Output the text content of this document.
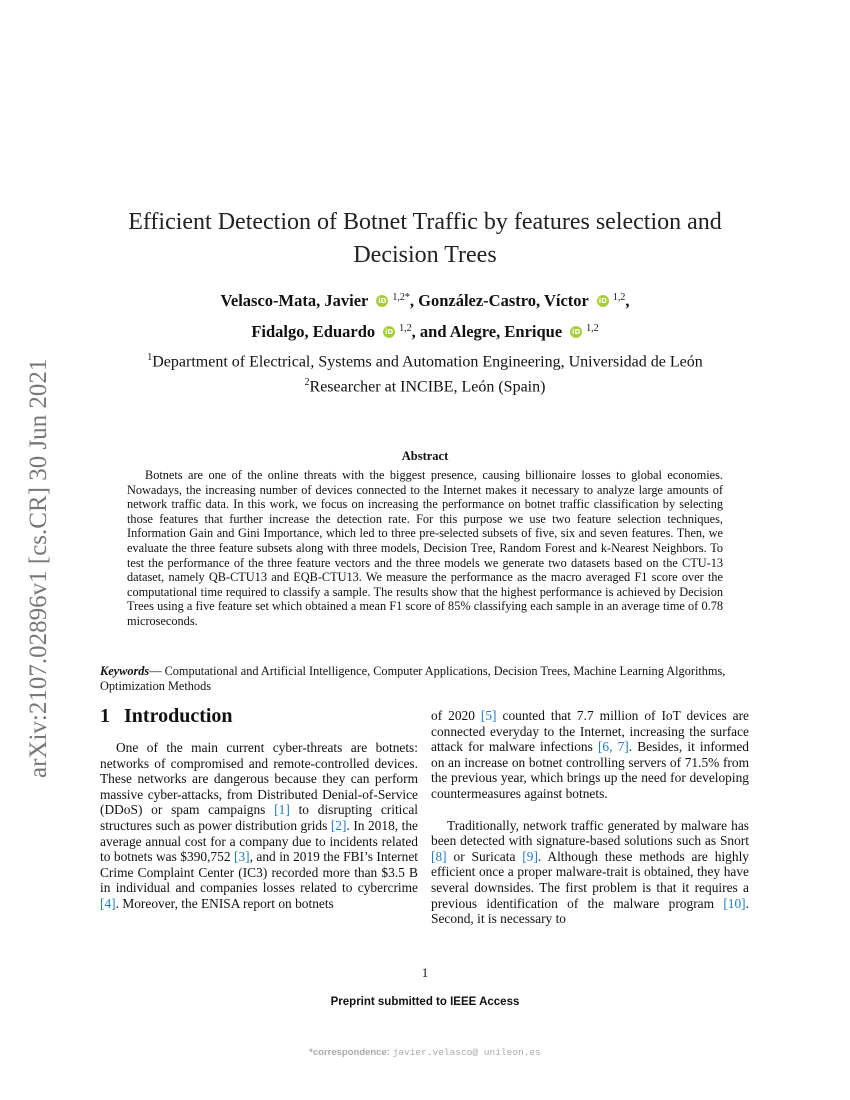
arXiv:2107.02896v1 [cs.CR] 30 Jun 2021
Efficient Detection of Botnet Traffic by features selection and
Decision Trees
Velasco-Mata, Javier iD $^{1,2*}$, González-Castro, Víctor iD $^{1,2}$,
Fidalgo, Eduardo iD $^{1,2}$, and Alegre, Enrique iD $^{1,2}$
$^1$Department of Electrical, Systems and Automation Engineering, Universidad de León
$^2$Researcher at INCIBE, León (Spain)
Abstract
Botnets are one of the online threats with the biggest presence, causing billionaire losses to global economies. Nowadays, the increasing number of devices connected to the Internet makes it necessary to analyze large amounts of network traffic data. In this work, we focus on increasing the performance on botnet traffic classification by selecting those features that further increase the detection rate. For this purpose we use two feature selection techniques, Information Gain and Gini Importance, which led to three pre-selected subsets of five, six and seven features. Then, we evaluate the three feature subsets along with three models, Decision Tree, Random Forest and k-Nearest Neighbors. To test the performance of the three feature vectors and the three models we generate two datasets based on the CTU-13 dataset, namely QB-CTU13 and EQB-CTU13. We measure the performance as the macro averaged F1 score over the computational time required to classify a sample. The results show that the highest performance is achieved by Decision Trees using a five feature set which obtained a mean F1 score of 85% classifying each sample in an average time of 0.78 microseconds.
Keywords— Computational and Artificial Intelligence, Computer Applications, Decision Trees, Machine Learning Algorithms, Optimization Methods
1 Introduction

One of the main current cyber-threats are botnets: networks of compromised and remote-controlled devices. These networks are dangerous because they can perform massive cyber-attacks, from Distributed Denial-of-Service (DDoS) or spam campaigns [1] to disrupting critical structures such as power distribution grids [2]. In 2018, the average annual cost for a company due to incidents related to botnets was $390,752 [3], and in 2019 the FBI’s Internet Crime Complaint Center (IC3) recorded more than $3.5 B in individual and companies losses related to cybercrime [4]. Moreover, the ENISA report on botnets

of 2020 [5] counted that 7.7 million of IoT devices are connected everyday to the Internet, increasing the surface attack for malware infections [6, 7]. Besides, it informed on an increase on botnet controlling servers of 71.5% from the previous year, which brings up the need for developing countermeasures against botnets.

Traditionally, network traffic generated by malware has been detected with signature-based solutions such as Snort [8] or Suricata [9]. Although these methods are highly efficient once a proper malware-trait is obtained, they have several downsides. The first problem is that it requires a previous identification of the malware program [10]. Second, it is necessary to

1
Preprint submitted to IEEE Access
*correspondence: javier.velasco@ unileon.es
